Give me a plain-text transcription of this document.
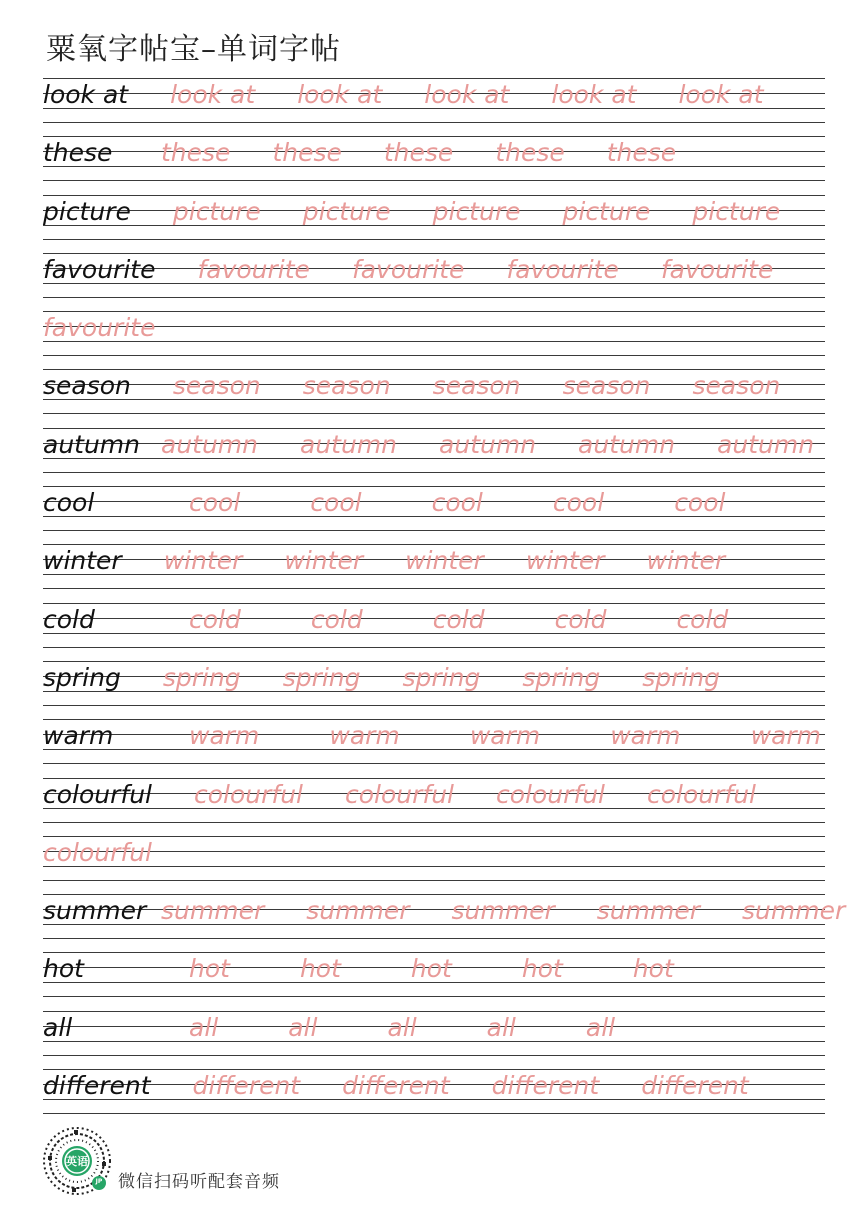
粟氧字帖宝–单词字帖
look at look at look at look at look at look at
these these these these these these
picture picture picture picture picture picture
favourite favourite favourite favourite favourite
favourite
season season season season season season
autumn autumn autumn autumn autumn autumn
cool	cool	cool	cool	cool	cool
winter winter winter winter winter winter
cold	cold	cold	cold	cold	cold
spring spring spring spring spring spring
warm	warm	warm	warm	warm	warm
colourful colourful colourful colourful colourful
colourful
summer summer summer summer summer summer
hot	hot	hot	hot	hot	hot
all	all	all	all	all	all
different different different different different
英语
JP 微信扫码听配套音频
